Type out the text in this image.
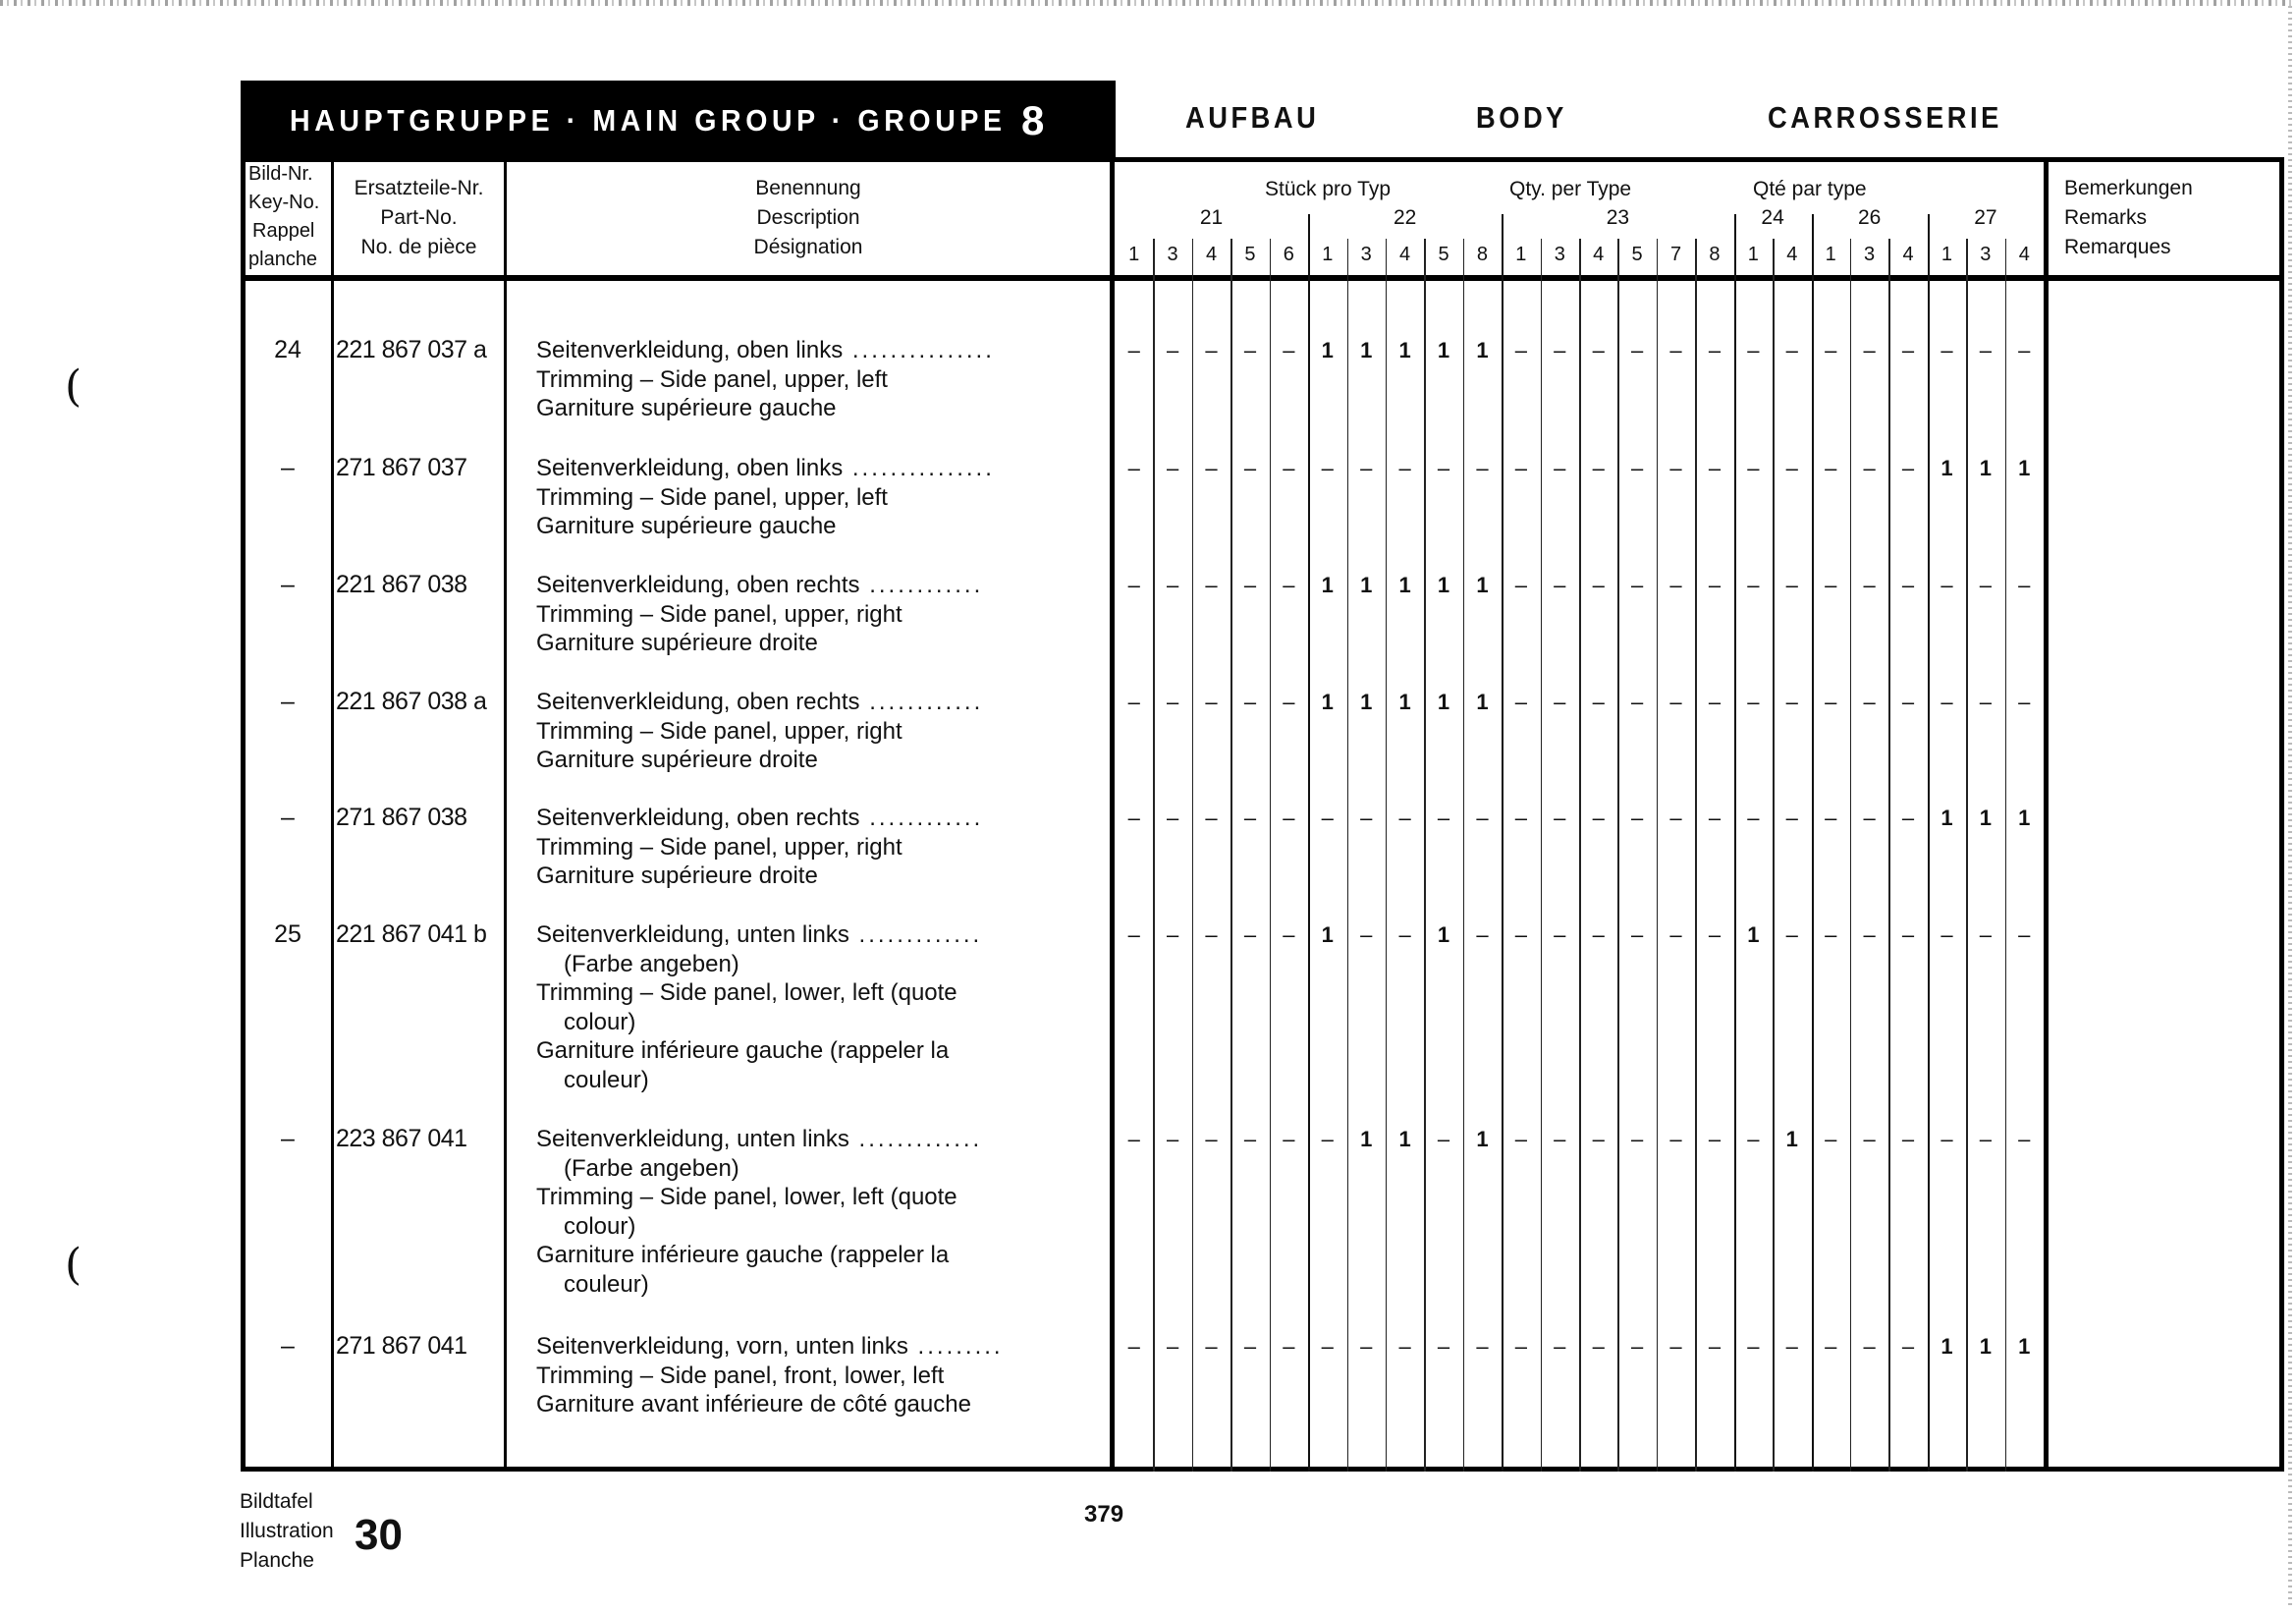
(
(
HAUPTGRUPPE · MAIN GROUP · GROUPE 8	AUFBAU	BODY	CARROSSERIE
Bild-Nr.
Key-No.
Rappel
planche
Ersatzteile-Nr.
Part-No.
No. de pièce
Benennung
Description
Désignation
Stück pro Typ	Qty. per Type	Qté par type	Bemerkungen
Remarks
Remarques
21
1	3	4	5	6
22
1	3	4	5	8
23
1	3	4	5	7	8
24
1	4
26
1	3	4
27
1	3	4
24	221 867 037 a	Seitenverkleidung, oben links ...............
Trimming – Side panel, upper, left
Garniture supérieure gauche
–	–	–	–	–	1	1	1	1	1	–	–	–	–	–	–	–	–	–	–	–	–	–	–
–	271 867 037	Seitenverkleidung, oben links ...............
Trimming – Side panel, upper, left
Garniture supérieure gauche
–	–	–	–	–	–	–	–	–	–	–	–	–	–	–	–	–	–	–	–	–	1	1	1
–	221 867 038	Seitenverkleidung, oben rechts ............
Trimming – Side panel, upper, right
Garniture supérieure droite
–	–	–	–	–	1	1	1	1	1	–	–	–	–	–	–	–	–	–	–	–	–	–	–
–	221 867 038 a	Seitenverkleidung, oben rechts ............
Trimming – Side panel, upper, right
Garniture supérieure droite
–	–	–	–	–	1	1	1	1	1	–	–	–	–	–	–	–	–	–	–	–	–	–	–
–	271 867 038	Seitenverkleidung, oben rechts ............
Trimming – Side panel, upper, right
Garniture supérieure droite
–	–	–	–	–	–	–	–	–	–	–	–	–	–	–	–	–	–	–	–	–	1	1	1
25	221 867 041 b	Seitenverkleidung, unten links .............
(Farbe angeben)
Trimming – Side panel, lower, left (quote
colour)
Garniture inférieure gauche (rappeler la
couleur)
–	–	–	–	–	1	–	–	1	–	–	–	–	–	–	–	1	–	–	–	–	–	–	–
–	223 867 041	Seitenverkleidung, unten links .............
(Farbe angeben)
Trimming – Side panel, lower, left (quote
colour)
Garniture inférieure gauche (rappeler la
couleur)
–	–	–	–	–	–	1	1	–	1	–	–	–	–	–	–	–	1	–	–	–	–	–	–
–	271 867 041	Seitenverkleidung, vorn, unten links .........
Trimming – Side panel, front, lower, left
Garniture avant inférieure de côté gauche
–	–	–	–	–	–	–	–	–	–	–	–	–	–	–	–	–	–	–	–	–	1	1	1
Bildtafel
Illustration
Planche
30	379
